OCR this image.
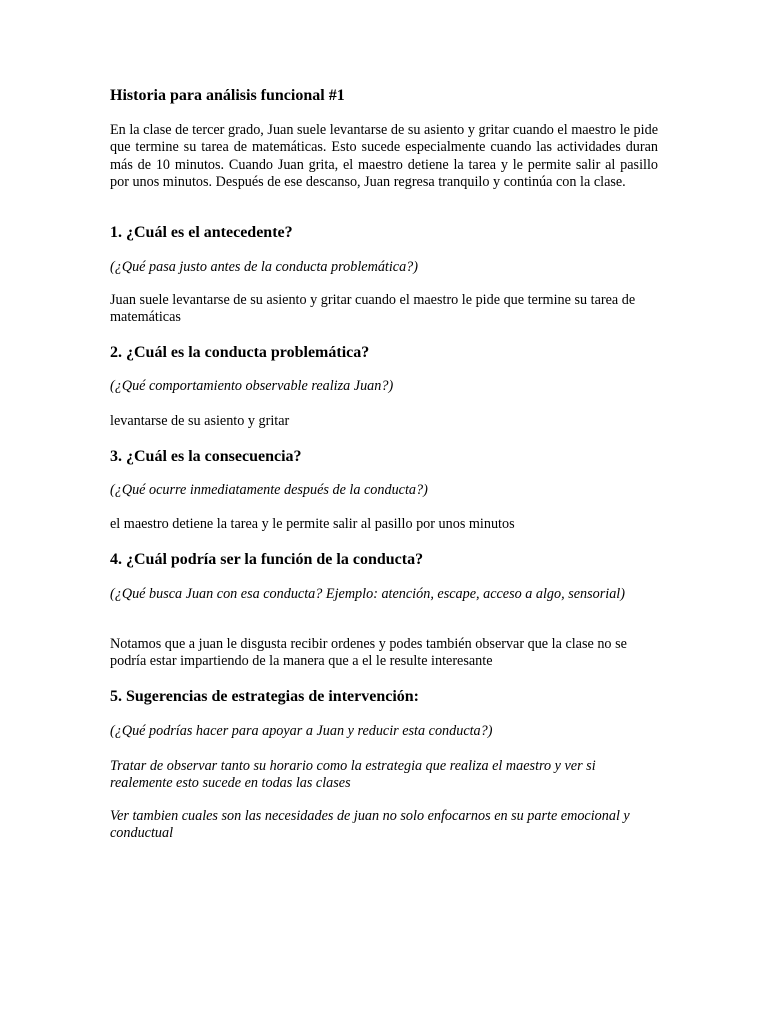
Historia para análisis funcional #1

En la clase de tercer grado, Juan suele levantarse de su asiento y gritar cuando el maestro le pide que termine su tarea de matemáticas. Esto sucede especialmente cuando las actividades duran más de 10 minutos. Cuando Juan grita, el maestro detiene la tarea y le permite salir al pasillo por unos minutos. Después de ese descanso, Juan regresa tranquilo y continúa con la clase.

1. ¿Cuál es el antecedente?

(¿Qué pasa justo antes de la conducta problemática?)

Juan suele levantarse de su asiento y gritar cuando el maestro le pide que termine su tarea de matemáticas

2. ¿Cuál es la conducta problemática?

(¿Qué comportamiento observable realiza Juan?)

levantarse de su asiento y gritar

3. ¿Cuál es la consecuencia?

(¿Qué ocurre inmediatamente después de la conducta?)

el maestro detiene la tarea y le permite salir al pasillo por unos minutos

4. ¿Cuál podría ser la función de la conducta?

(¿Qué busca Juan con esa conducta? Ejemplo: atención, escape, acceso a algo, sensorial)

Notamos que a juan le disgusta recibir ordenes y podes también observar que la clase no se podría estar impartiendo de la manera que a el le resulte interesante

5. Sugerencias de estrategias de intervención:

(¿Qué podrías hacer para apoyar a Juan y reducir esta conducta?)

Tratar de observar tanto su horario como la estrategia que realiza el maestro y ver si realemente esto sucede en todas las clases

Ver tambien cuales son las necesidades de juan no solo enfocarnos en su parte emocional y conductual
